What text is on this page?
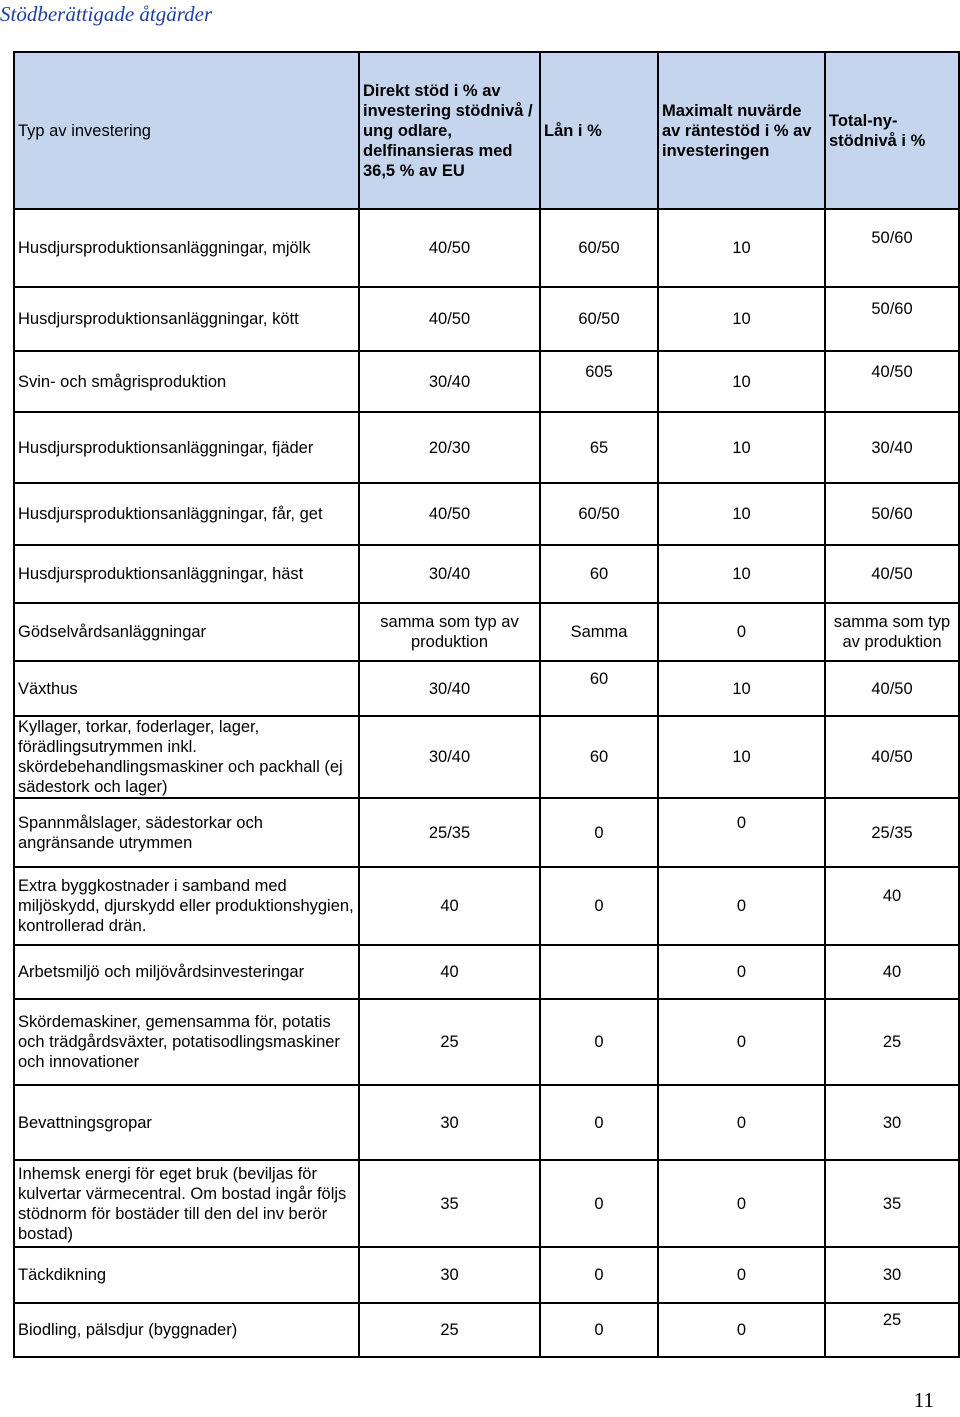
Stödberättigade åtgärder
Typ av investering	Direkt stöd i % av investering stödnivå / ung odlare, delfinansieras med 36,5 % av EU	Lån i %	Maximalt nuvärde av räntestöd i % av investeringen	Total-ny-stödnivå i %
Husdjursproduktionsanläggningar, mjölk	40/50	60/50	10	50/60
Husdjursproduktionsanläggningar, kött	40/50	60/50	10	50/60
Svin- och smågrisproduktion	30/40	605	10	40/50
Husdjursproduktionsanläggningar, fjäder	20/30	65	10	30/40
Husdjursproduktionsanläggningar, får, get	40/50	60/50	10	50/60
Husdjursproduktionsanläggningar, häst	30/40	60	10	40/50
Gödselvårdsanläggningar	samma som typ av produktion	Samma	0	samma som typ av produktion
Växthus	30/40	60	10	40/50
Kyllager, torkar, foderlager, lager, förädlingsutrymmen inkl. skördebehandlingsmaskiner och packhall (ej sädestork och lager)	30/40	60	10	40/50
Spannmålslager, sädestorkar och angränsande utrymmen	25/35	0	0	25/35
Extra byggkostnader i samband med miljöskydd, djurskydd eller produktionshygien, kontrollerad drän.	40	0	0	40
Arbetsmiljö och miljövårdsinvesteringar	40		0	40
Skördemaskiner, gemensamma för, potatis och trädgårdsväxter, potatisodlingsmaskiner och innovationer	25	0	0	25
Bevattningsgropar	30	0	0	30
Inhemsk energi för eget bruk (beviljas för kulvertar värmecentral. Om bostad ingår följs stödnorm för bostäder till den del inv berör bostad)	35	0	0	35
Täckdikning	30	0	0	30
Biodling, pälsdjur (byggnader)	25	0	0	25

11
